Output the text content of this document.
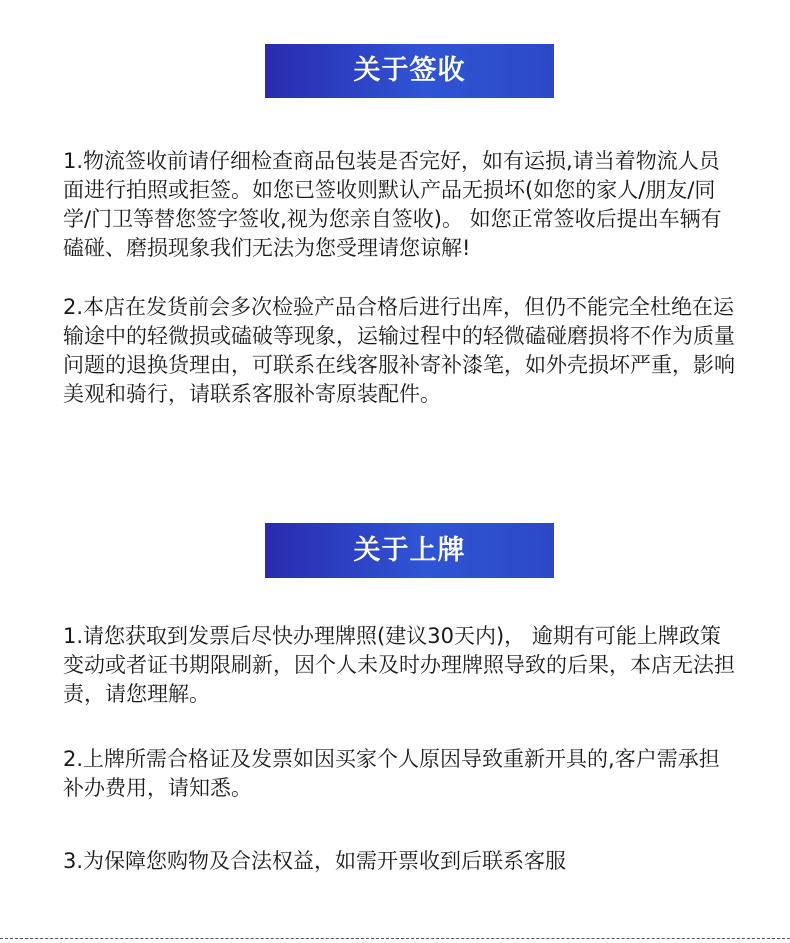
关于签收

1.物流签收前请仔细检查商品包装是否完好，如有运损,请当着物流人员面进行拍照或拒签。如您已签收则默认产品无损坏(如您的家人/朋友/同学/门卫等替您签字签收,视为您亲自签收)。 如您正常签收后提出车辆有磕碰、磨损现象我们无法为您受理请您谅解!

2.本店在发货前会多次检验产品合格后进行出库，但仍不能完全杜绝在运输途中的轻微损或磕破等现象，运输过程中的轻微磕碰磨损将不作为质量问题的退换货理由，可联系在线客服补寄补漆笔，如外壳损坏严重，影响美观和骑行，请联系客服补寄原装配件。

关于上牌

1.请您获取到发票后尽快办理牌照(建议30天内)， 逾期有可能上牌政策变动或者证书期限刷新，因个人未及时办理牌照导致的后果，本店无法担责，请您理解。

2.上牌所需合格证及发票如因买家个人原因导致重新开具的,客户需承担补办费用，请知悉。

3.为保障您购物及合法权益，如需开票收到后联系客服
